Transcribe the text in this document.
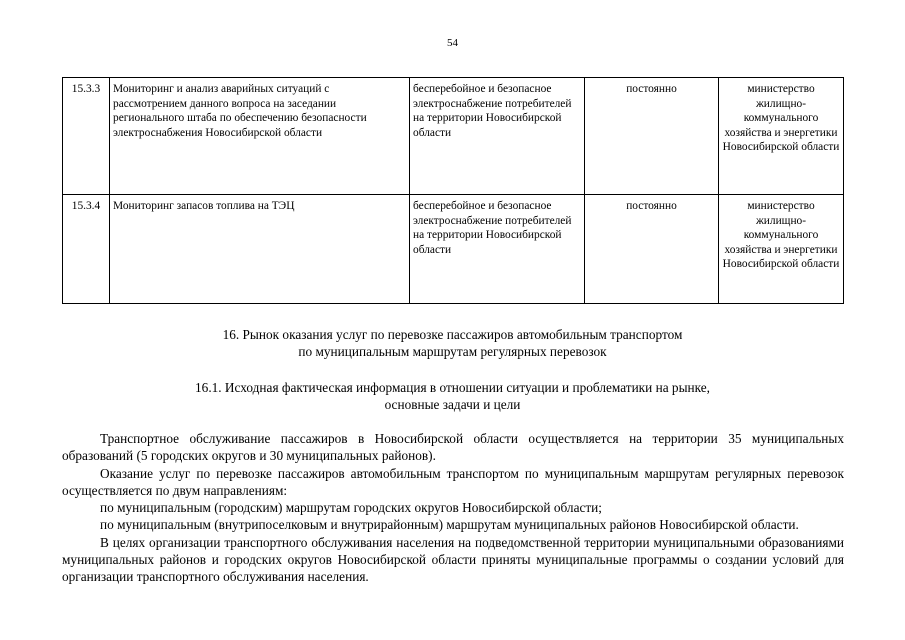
54
15.3.3	Мониторинг и анализ аварийных ситуаций с рассмотрением данного вопроса на заседании регионального штаба по обеспечению безопасности электроснабжения Новосибирской области	бесперебойное и безопасное электроснабжение потребителей на территории Новосибирской области	постоянно	министерство жилищно-коммунального хозяйства и энергетики Новосибирской области
15.3.4	Мониторинг запасов топлива на ТЭЦ	бесперебойное и безопасное электроснабжение потребителей на территории Новосибирской области	постоянно	министерство жилищно-коммунального хозяйства и энергетики Новосибирской области
16. Рынок оказания услуг по перевозке пассажиров автомобильным транспортом
по муниципальным маршрутам регулярных перевозок
16.1. Исходная фактическая информация в отношении ситуации и проблематики на рынке,
основные задачи и цели

Транспортное обслуживание пассажиров в Новосибирской области осуществляется на территории 35 муниципальных образований (5 городских округов и 30 муниципальных районов).

Оказание услуг по перевозке пассажиров автомобильным транспортом по муниципальным маршрутам регулярных перевозок осуществляется по двум направлениям:

по муниципальным (городским) маршрутам городских округов Новосибирской области;

по муниципальным (внутрипоселковым и внутрирайонным) маршрутам муниципальных районов Новосибирской области.

В целях организации транспортного обслуживания населения на подведомственной территории муниципальными образованиями муниципальных районов и городских округов Новосибирской области приняты муниципальные программы о создании условий для организации транспортного обслуживания населения.
